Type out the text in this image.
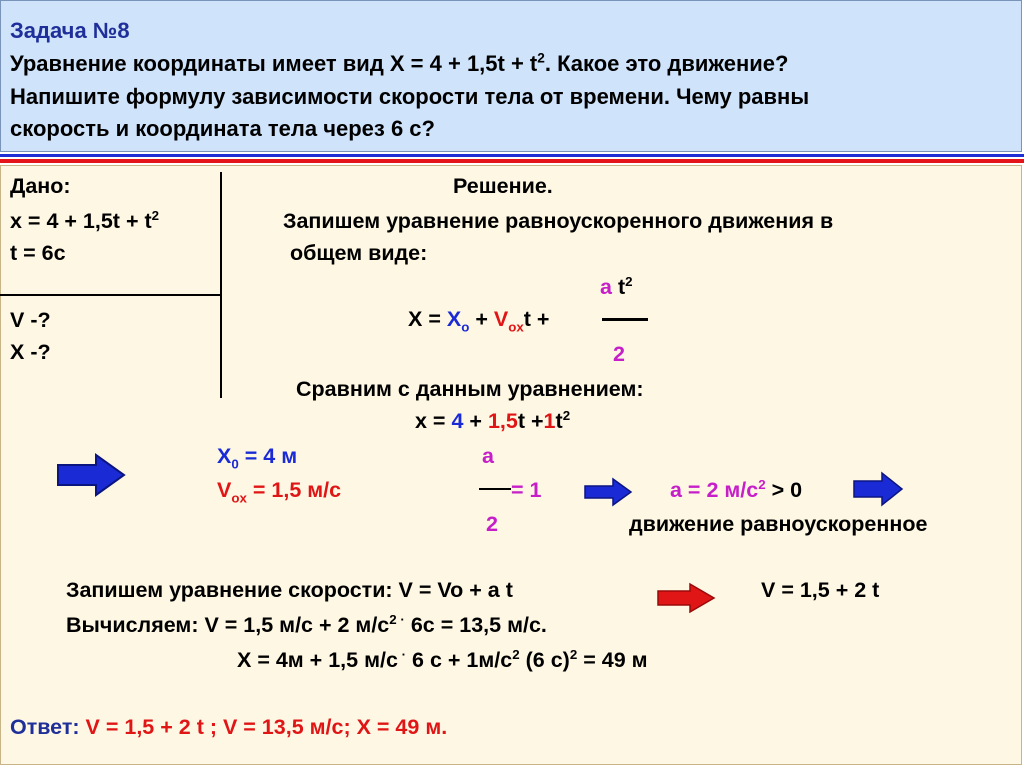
Задача №8

Уравнение координаты имеет вид $X = 4 + 1,5t + t^2$. Какое это движение?

Напишите формулу зависимости скорости тела от времени. Чему равны

скорость и координата тела через 6 с?

Дано:

$x = 4 + 1,5t + t^2$

t = 6c

V -?

X -?

Решение.

Запишем уравнение равноускоренного движения в

общем виде:

a $t^2$

$X = X_o + V_{ox}t$ +

2

Сравним с данным уравнением:

$x = 4 + 1,5t +1t^2$

$X_0 = 4$ м

$V_{ox} = 1,5$ м/с

a

= 1

2

a = 2 $м/c^2 > 0$

движение равноускоренное

Запишем уравнение скорости: V = Vo + a t	V = 1,5 + 2 t

Вычисляем: V = 1,5 м/с + 2 $м/с^2$ · 6с = 13,5 м/с.

X = 4м + 1,5 м/с · 6 $с + 1м/с^2$ (6 с)$^2$ = 49 м

Ответ: V = 1,5 + 2 t ; V = 13,5 м/с; X = 49 м.
